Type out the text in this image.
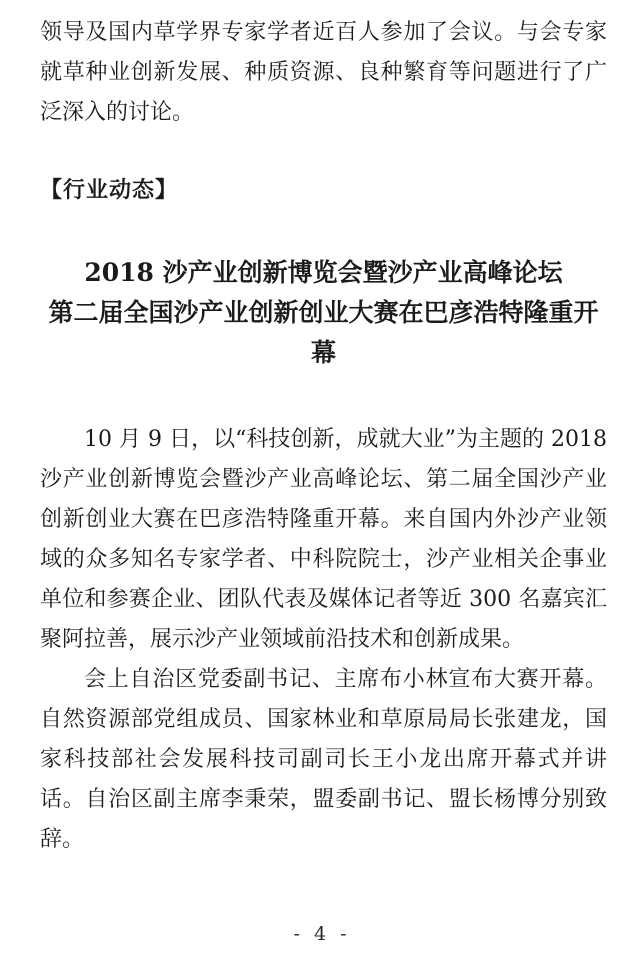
领导及国内草学界专家学者近百人参加了会议。与会专家就草种业创新发展、种质资源、良种繁育等问题进行了广泛深入的讨论。

【行业动态】
2018 沙产业创新博览会暨沙产业高峰论坛
第二届全国沙产业创新创业大赛在巴彦浩特隆重开幕

10 月 9 日，以“科技创新，成就大业”为主题的 2018 沙产业创新博览会暨沙产业高峰论坛、第二届全国沙产业创新创业大赛在巴彦浩特隆重开幕。来自国内外沙产业领域的众多知名专家学者、中科院院士，沙产业相关企事业单位和参赛企业、团队代表及媒体记者等近 300 名嘉宾汇聚阿拉善，展示沙产业领域前沿技术和创新成果。

会上自治区党委副书记、主席布小林宣布大赛开幕。自然资源部党组成员、国家林业和草原局局长张建龙，国家科技部社会发展科技司副司长王小龙出席开幕式并讲话。自治区副主席李秉荣，盟委副书记、盟长杨博分别致辞。

- 4 -
